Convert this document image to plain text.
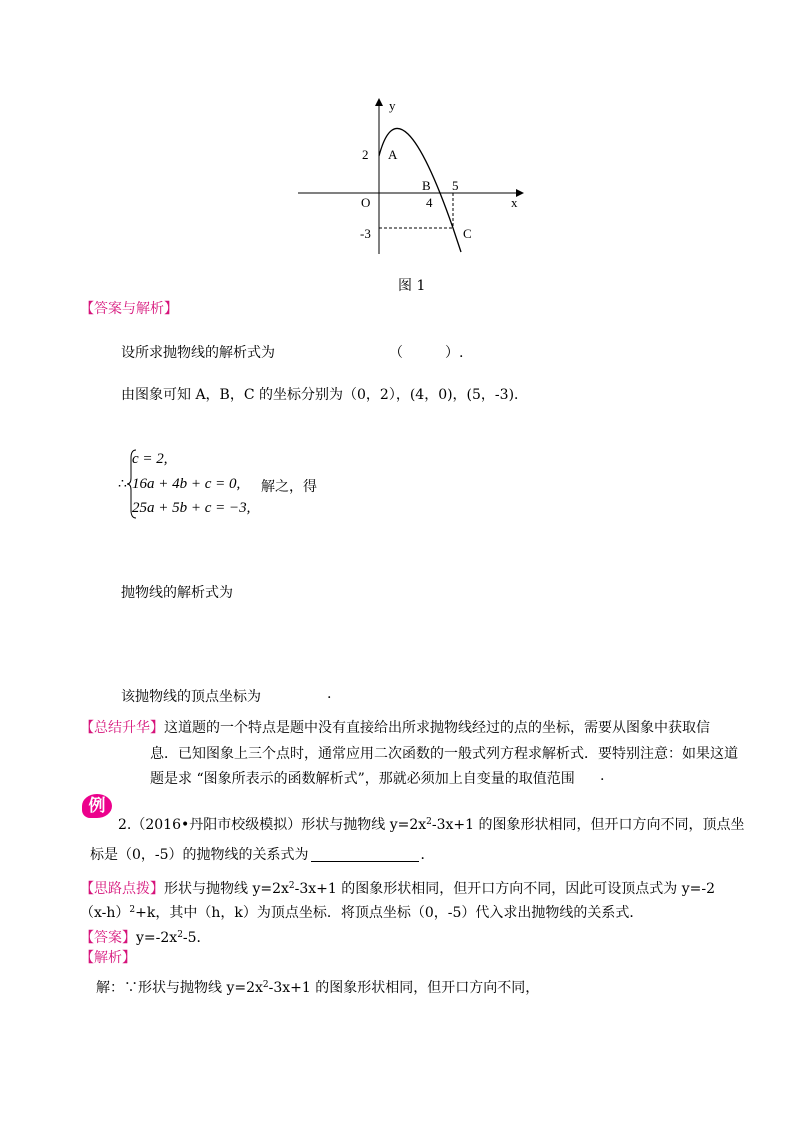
y
x
O
2
-3
4
5
A
B
C
图 1
【答案与解析】
设所求抛物线的解析式为	（　　　）.
由图象可知 A，B，C 的坐标分别为（0，2），(4，0)，(5，-3)．
∴
c = 2,
16a + 4b + c = 0,
25a + 5b + c = −3,
解之，得
抛物线的解析式为
该抛物线的顶点坐标为	.
【总结升华】这道题的一个特点是题中没有直接给出所求抛物线经过的点的坐标，需要从图象中获取信
息．已知图象上三个点时，通常应用二次函数的一般式列方程求解析式．要特别注意：如果这道
题是求 “图象所表示的函数解析式”，那就必须加上自变量的取值范围 .
例
2.（2016•丹阳市校级模拟）形状与抛物线 $y=2x^2-3x+1$ 的图象形状相同，但开口方向不同，顶点坐
标是（0，-5）的抛物线的关系式为	．
【思路点拨】形状与抛物线 $y=2x^2-3x+1$ 的图象形状相同，但开口方向不同，因此可设顶点式为 y=-2
$(x-h)^2+k$，其中（h，k）为顶点坐标．将顶点坐标（0，-5）代入求出抛物线的关系式．
【答案】$y=-2x^2-5$．
【解析】
解：∵形状与抛物线 $y=2x^2-3x+1$ 的图象形状相同，但开口方向不同，
